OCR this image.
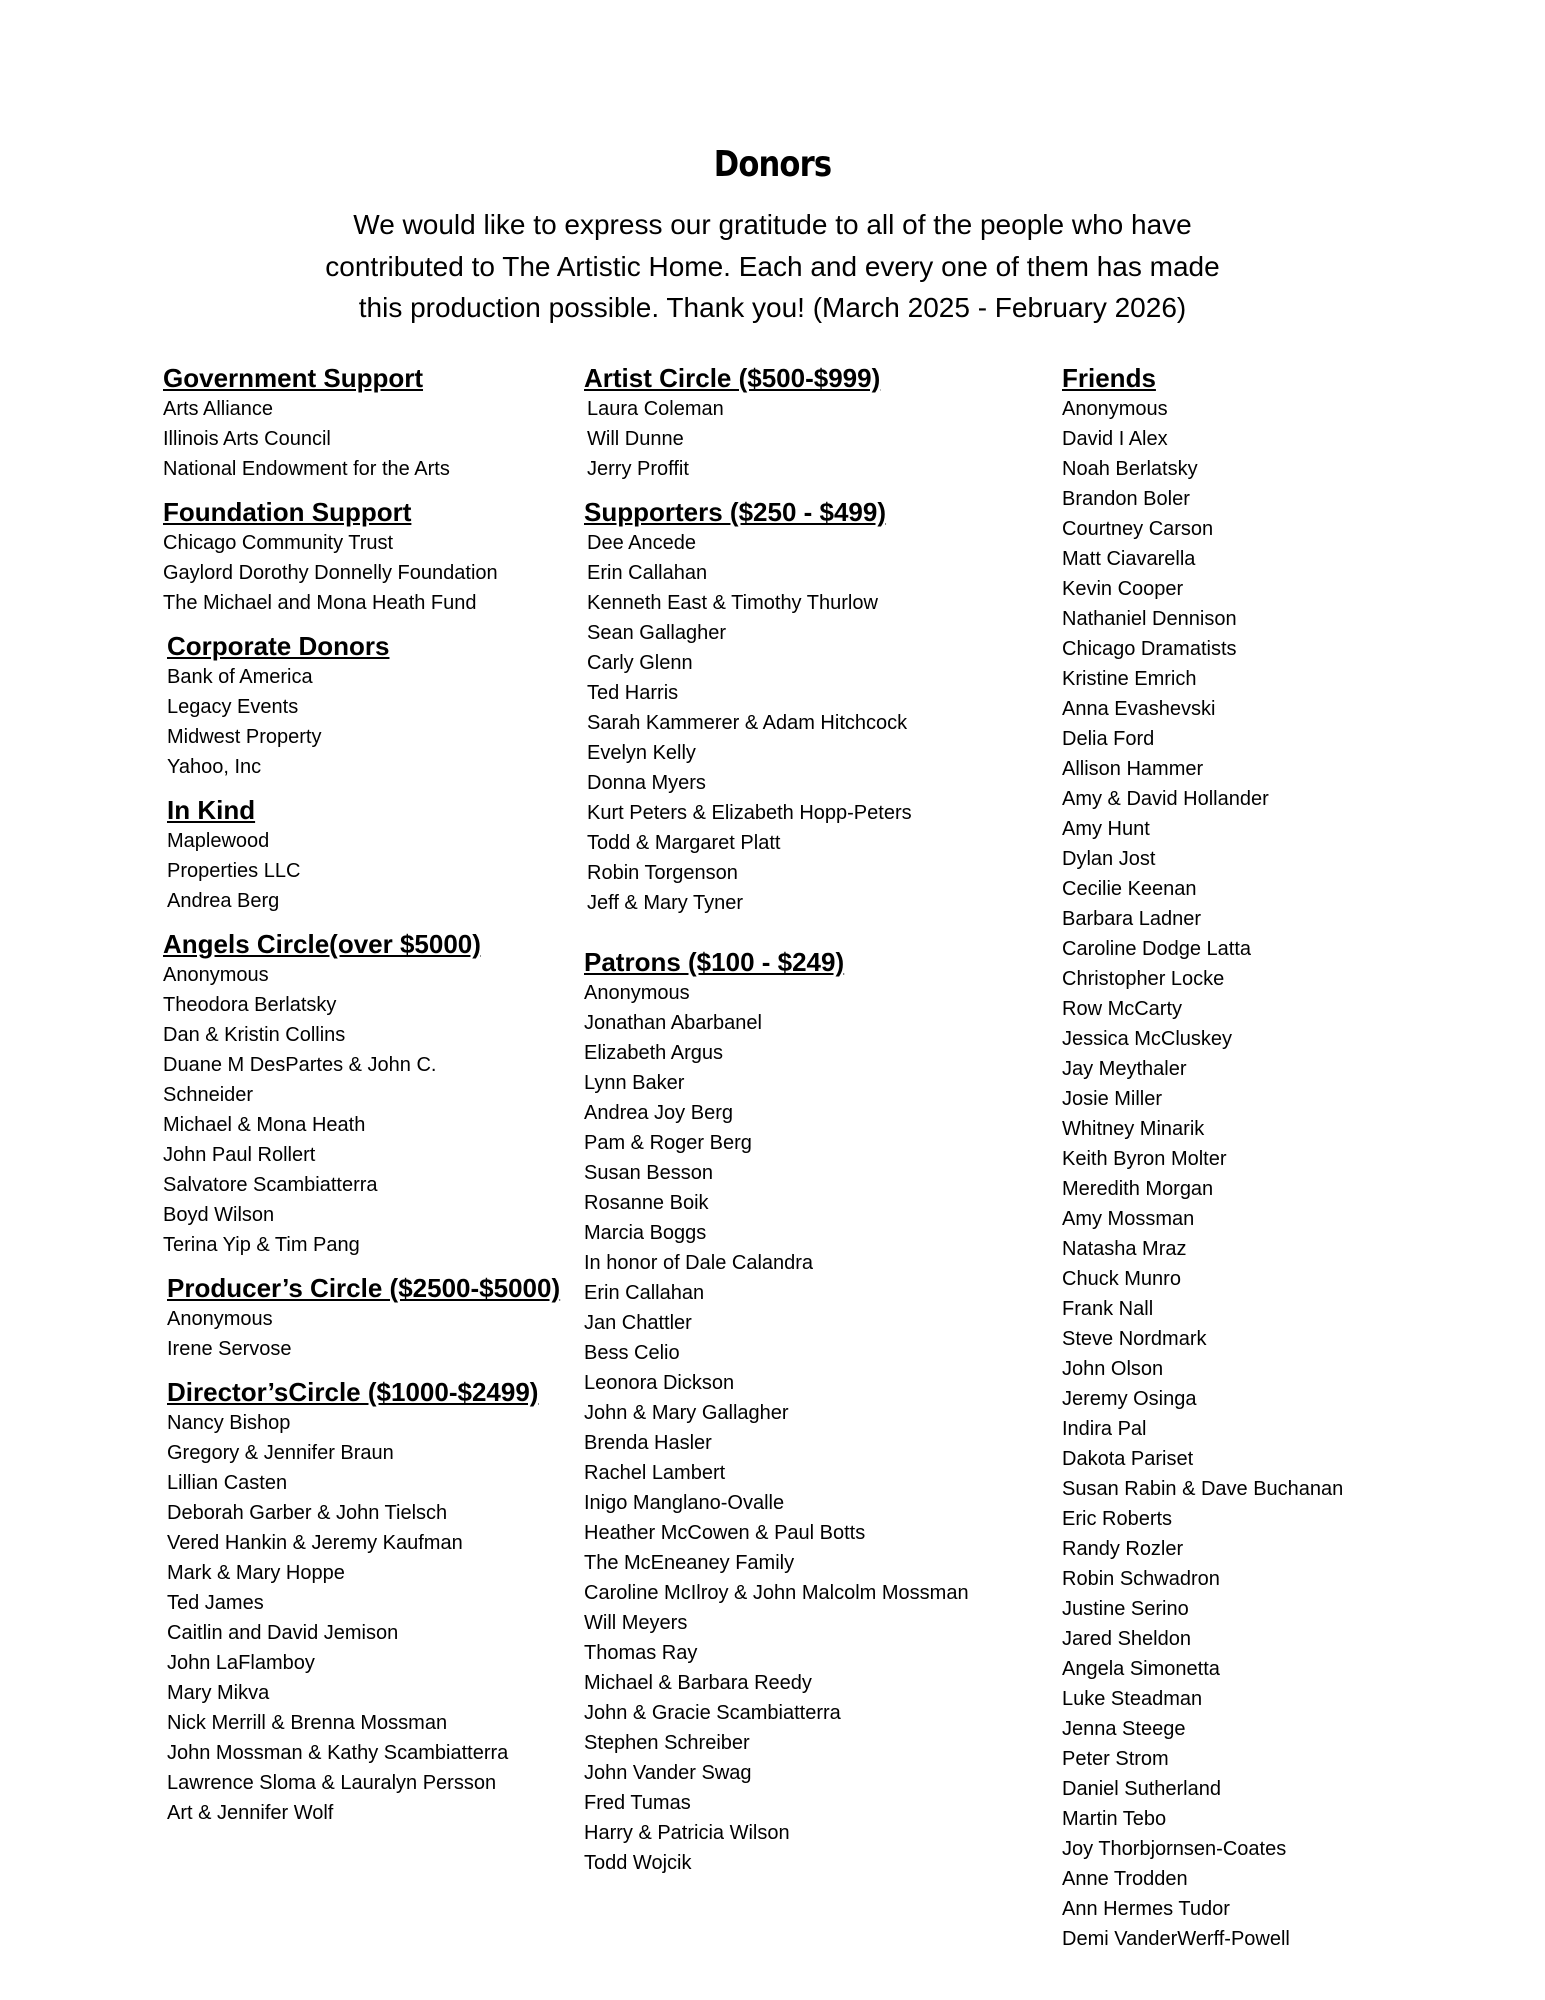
Donors
We would like to express our gratitude to all of the people who have
contributed to The Artistic Home. Each and every one of them has made
this production possible. Thank you! (March 2025 - February 2026)
Government Support
Arts Alliance
Illinois Arts Council
National Endowment for the Arts
Foundation Support
Chicago Community Trust
Gaylord Dorothy Donnelly Foundation
The Michael and Mona Heath Fund
Corporate Donors
Bank of America
Legacy Events
Midwest Property
Yahoo, Inc
In Kind
Maplewood
Properties LLC
Andrea Berg
Angels Circle(over $5000)
Anonymous
Theodora Berlatsky
Dan & Kristin Collins
Duane M DesPartes & John C.
Schneider
Michael & Mona Heath
John Paul Rollert
Salvatore Scambiatterra
Boyd Wilson
Terina Yip & Tim Pang
Producer’s Circle ($2500-$5000)
Anonymous
Irene Servose
Director’sCircle ($1000-$2499)
Nancy Bishop
Gregory & Jennifer Braun
Lillian Casten
Deborah Garber & John Tielsch
Vered Hankin & Jeremy Kaufman
Mark & Mary Hoppe
Ted James
Caitlin and David Jemison
John LaFlamboy
Mary Mikva
Nick Merrill & Brenna Mossman
John Mossman & Kathy Scambiatterra
Lawrence Sloma & Lauralyn Persson
Art & Jennifer Wolf
Artist Circle ($500-$999)
Laura Coleman
Will Dunne
Jerry Proffit
Supporters ($250 - $499)
Dee Ancede
Erin Callahan
Kenneth East & Timothy Thurlow
Sean Gallagher
Carly Glenn
Ted Harris
Sarah Kammerer & Adam Hitchcock
Evelyn Kelly
Donna Myers
Kurt Peters & Elizabeth Hopp-Peters
Todd & Margaret Platt
Robin Torgenson
Jeff & Mary Tyner
Patrons ($100 - $249)
Anonymous
Jonathan Abarbanel
Elizabeth Argus
Lynn Baker
Andrea Joy Berg
Pam & Roger Berg
Susan Besson
Rosanne Boik
Marcia Boggs
In honor of Dale Calandra
Erin Callahan
Jan Chattler
Bess Celio
Leonora Dickson
John & Mary Gallagher
Brenda Hasler
Rachel Lambert
Inigo Manglano-Ovalle
Heather McCowen & Paul Botts
The McEneaney Family
Caroline McIlroy & John Malcolm Mossman
Will Meyers
Thomas Ray
Michael & Barbara Reedy
John & Gracie Scambiatterra
Stephen Schreiber
John Vander Swag
Fred Tumas
Harry & Patricia Wilson
Todd Wojcik
Friends
Anonymous
David I Alex
Noah Berlatsky
Brandon Boler
Courtney Carson
Matt Ciavarella
Kevin Cooper
Nathaniel Dennison
Chicago Dramatists
Kristine Emrich
Anna Evashevski
Delia Ford
Allison Hammer
Amy & David Hollander
Amy Hunt
Dylan Jost
Cecilie Keenan
Barbara Ladner
Caroline Dodge Latta
Christopher Locke
Row McCarty
Jessica McCluskey
Jay Meythaler
Josie Miller
Whitney Minarik
Keith Byron Molter
Meredith Morgan
Amy Mossman
Natasha Mraz
Chuck Munro
Frank Nall
Steve Nordmark
John Olson
Jeremy Osinga
Indira Pal
Dakota Pariset
Susan Rabin & Dave Buchanan
Eric Roberts
Randy Rozler
Robin Schwadron
Justine Serino
Jared Sheldon
Angela Simonetta
Luke Steadman
Jenna Steege
Peter Strom
Daniel Sutherland
Martin Tebo
Joy Thorbjornsen-Coates
Anne Trodden
Ann Hermes Tudor
Demi VanderWerff-Powell
